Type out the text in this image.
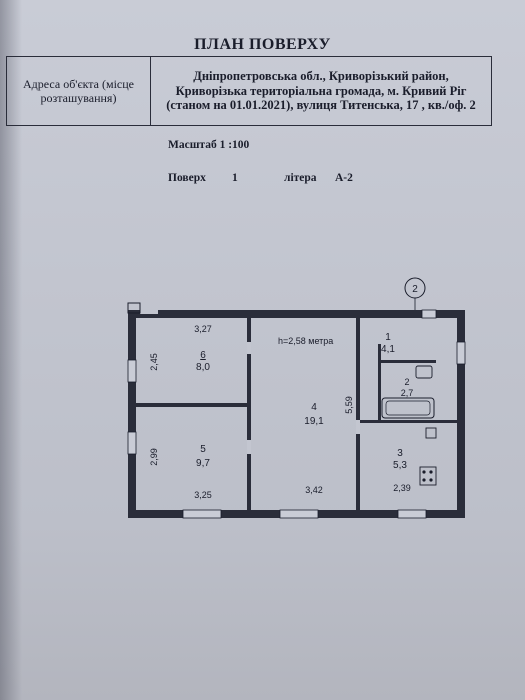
ПЛАН ПОВЕРХУ
Адреса об'єкта (місце розташування)
Дніпропетровська обл., Криворізький район, Криворізька територіальна громада, м. Кривий Ріг (станом на 01.01.2021), вулиця Титенська, 17 , кв./оф. 2
Масштаб 1 :100
Поверх 1	літера А-2
2
h=2,58 метра
6
8,0
5
9,7
4
19,1
1
4,1
2
2,7
3
5,3
3,27
2,45
2,99
3,25	3,42
5,59
2,39
